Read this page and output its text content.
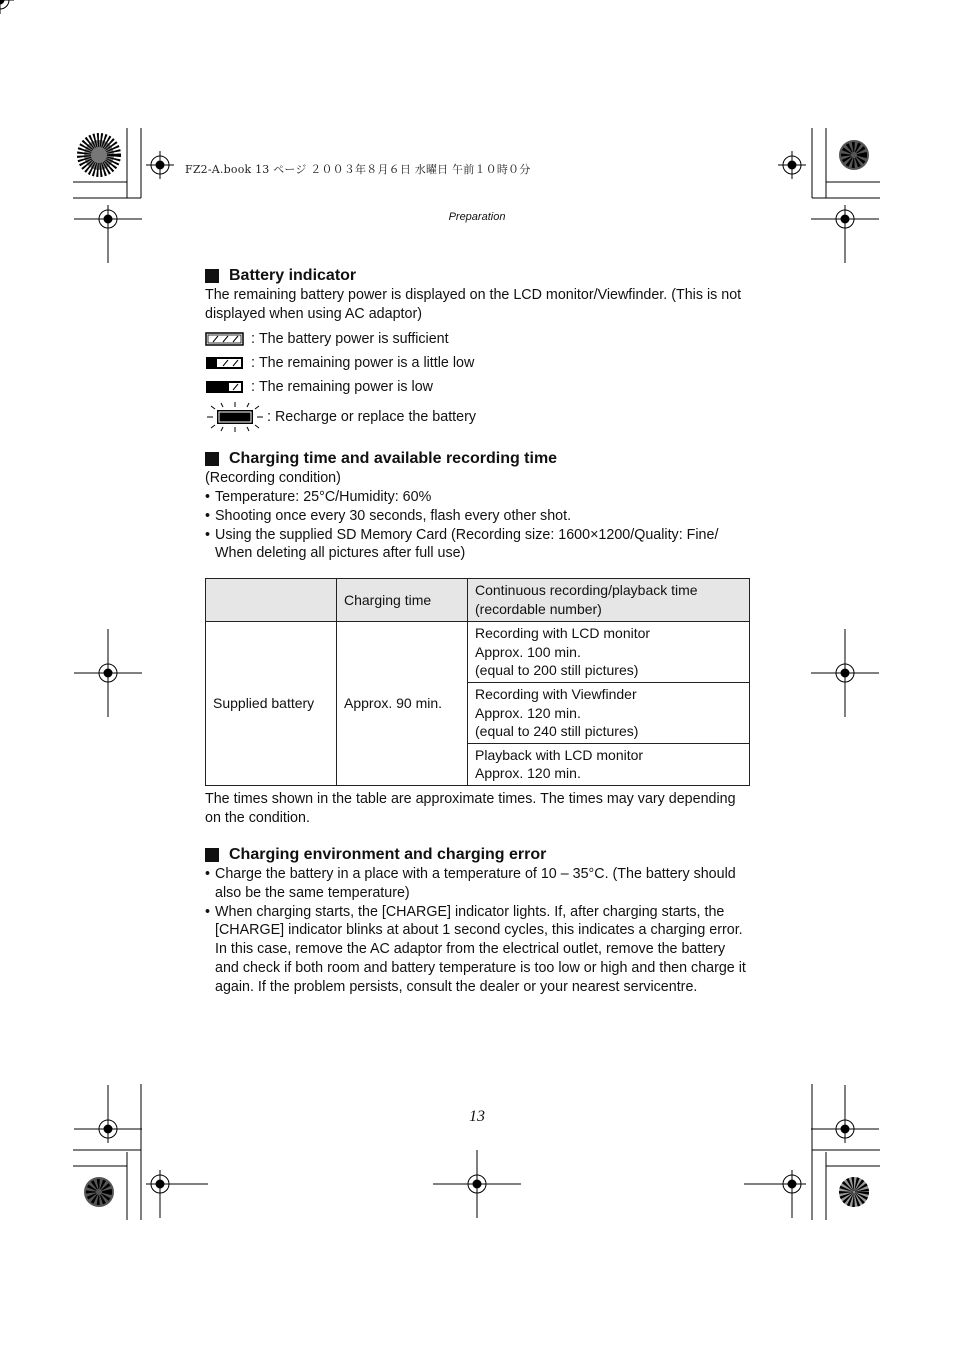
FZ2-A.book 13 ページ ２００３年８月６日 水曜日 午前１０時０分
Preparation
Battery indicator

The remaining battery power is displayed on the LCD monitor/Viewfinder. (This is not displayed when using AC adaptor)

: The battery power is sufficient
: The remaining power is a little low
: The remaining power is low
: Recharge or replace the battery
Charging time and available recording time

(Recording condition)

• Temperature: 25°C/Humidity: 60%
• Shooting once every 30 seconds, flash every other shot.
• Using the supplied SD Memory Card (Recording size: 1600×1200/Quality: Fine/ When deleting all pictures after full use)
	Charging time	Continuous recording/playback time (recordable number)
Supplied battery	Approx. 90 min.	Recording with LCD monitor
Approx. 100 min.
(equal to 200 still pictures)

		Recording with Viewfinder
Approx. 120 min.
(equal to 240 still pictures)

		Playback with LCD monitor
Approx. 120 min.

The times shown in the table are approximate times. The times may vary depending on the condition.

Charging environment and charging error
• Charge the battery in a place with a temperature of 10 – 35°C. (The battery should also be the same temperature)
• When charging starts, the [CHARGE] indicator lights. If, after charging starts, the [CHARGE] indicator blinks at about 1 second cycles, this indicates a charging error.
In this case, remove the AC adaptor from the electrical outlet, remove the battery and check if both room and battery temperature is too low or high and then charge it again. If the problem persists, consult the dealer or your nearest servicentre.
13
